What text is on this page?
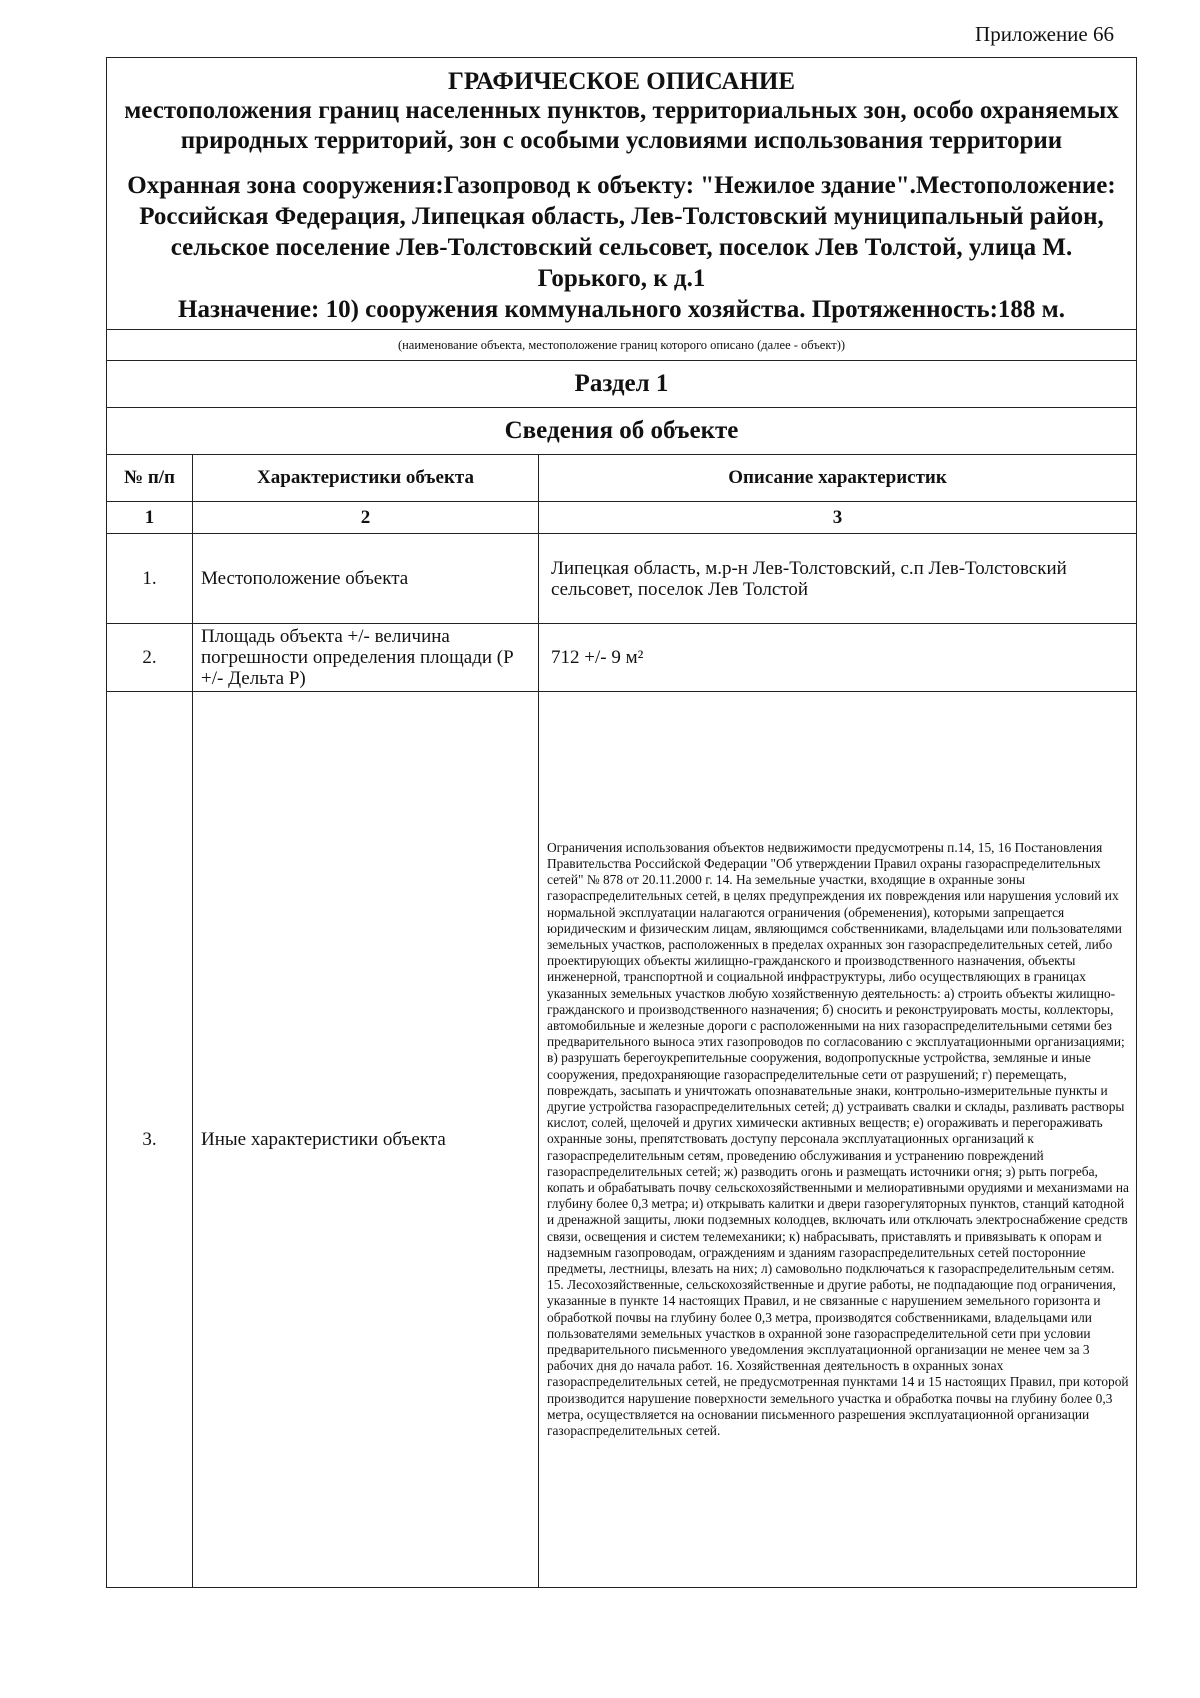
Приложение 66
ГРАФИЧЕСКОЕ ОПИСАНИЕ
местоположения границ населенных пунктов, территориальных зон, особо охраняемых природных территорий, зон с особыми условиями использования территории
Охранная зона сооружения:Газопровод к объекту: "Нежилое здание".Местоположение: Российская Федерация, Липецкая область, Лев-Толстовский муниципальный район, сельское поселение Лев-Толстовский сельсовет, поселок Лев Толстой, улица М. Горького, к д.1
Назначение: 10) сооружения коммунального хозяйства. Протяженность:188 м.		

(наименование объекта, местоположение границ которого описано (далее - объект))		
Раздел 1		
Сведения об объекте		
№ п/п	Характеристики объекта	Описание характеристик
1	2	3
1.	Местоположение объекта	Липецкая область, м.р-н Лев-Толстовский, с.п Лев-Толстовский сельсовет, поселок Лев Толстой
2.	Площадь объекта +/- величина погрешности определения площади (Р +/- Дельта Р)	712 +/- 9 м²
3.	Иные характеристики объекта	Ограничения использования объектов недвижимости предусмотрены п.14, 15, 16 Постановления Правительства Российской Федерации "Об утверждении Правил охраны газораспределительных сетей" № 878 от 20.11.2000 г. 14. На земельные участки, входящие в охранные зоны газораспределительных сетей, в целях предупреждения их повреждения или нарушения условий их нормальной эксплуатации налагаются ограничения (обременения), которыми запрещается юридическим и физическим лицам, являющимся собственниками, владельцами или пользователями земельных участков, расположенных в пределах охранных зон газораспределительных сетей, либо проектирующих объекты жилищно-гражданского и производственного назначения, объекты инженерной, транспортной и социальной инфраструктуры, либо осуществляющих в границах указанных земельных участков любую хозяйственную деятельность: а) строить объекты жилищно-гражданского и производственного назначения; б) сносить и реконструировать мосты, коллекторы, автомобильные и железные дороги с расположенными на них газораспределительными сетями без предварительного выноса этих газопроводов по согласованию с эксплуатационными организациями; в) разрушать берегоукрепительные сооружения, водопропускные устройства, земляные и иные сооружения, предохраняющие газораспределительные сети от разрушений; г) перемещать, повреждать, засыпать и уничтожать опознавательные знаки, контрольно-измерительные пункты и другие устройства газораспределительных сетей; д) устраивать свалки и склады, разливать растворы кислот, солей, щелочей и других химически активных веществ; е) огораживать и перегораживать охранные зоны, препятствовать доступу персонала эксплуатационных организаций к газораспределительным сетям, проведению обслуживания и устранению повреждений газораспределительных сетей; ж) разводить огонь и размещать источники огня; з) рыть погреба, копать и обрабатывать почву сельскохозяйственными и мелиоративными орудиями и механизмами на глубину более 0,3 метра; и) открывать калитки и двери газорегуляторных пунктов, станций катодной и дренажной защиты, люки подземных колодцев, включать или отключать электроснабжение средств связи, освещения и систем телемеханики; к) набрасывать, приставлять и привязывать к опорам и надземным газопроводам, ограждениям и зданиям газораспределительных сетей посторонние предметы, лестницы, влезать на них; л) самовольно подключаться к газораспределительным сетям. 15. Лесохозяйственные, сельскохозяйственные и другие работы, не подпадающие под ограничения, указанные в пункте 14 настоящих Правил, и не связанные с нарушением земельного горизонта и обработкой почвы на глубину более 0,3 метра, производятся собственниками, владельцами или пользователями земельных участков в охранной зоне газораспределительной сети при условии предварительного письменного уведомления эксплуатационной организации не менее чем за 3 рабочих дня до начала работ. 16. Хозяйственная деятельность в охранных зонах газораспределительных сетей, не предусмотренная пунктами 14 и 15 настоящих Правил, при которой производится нарушение поверхности земельного участка и обработка почвы на глубину более 0,3 метра, осуществляется на основании письменного разрешения эксплуатационной организации газораспределительных сетей.
